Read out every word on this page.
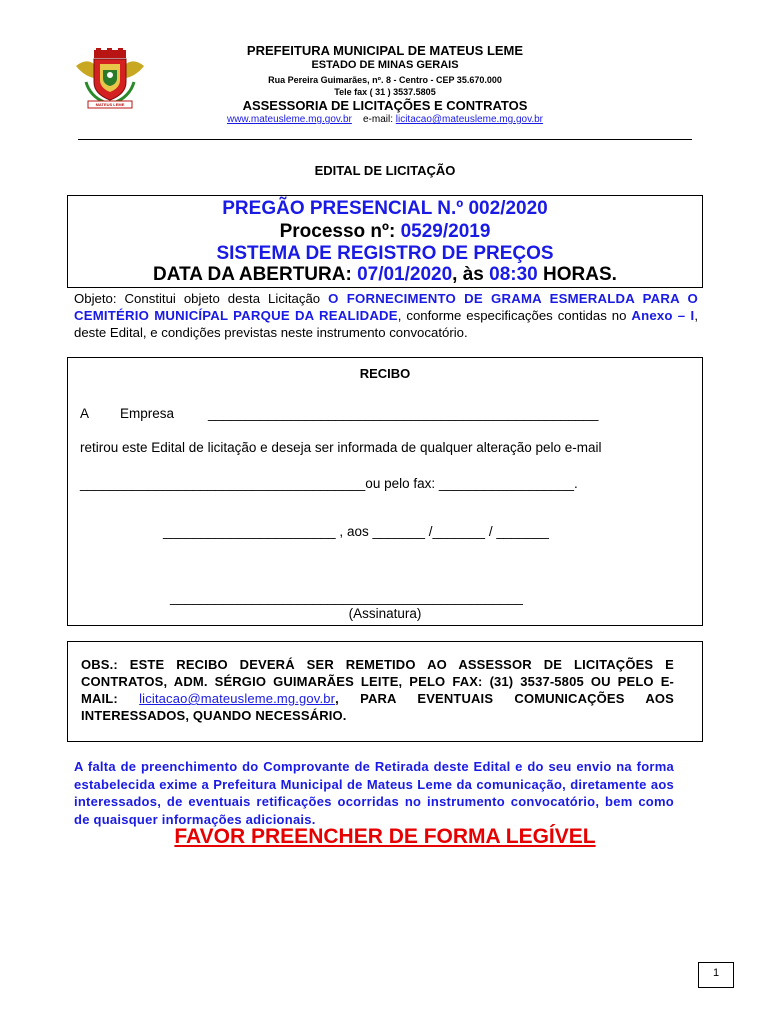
MATEUS LEME
PREFEITURA MUNICIPAL DE MATEUS LEME
ESTADO DE MINAS GERAIS
Rua Pereira Guimarães, nº. 8 - Centro - CEP 35.670.000
Tele fax ( 31 ) 3537.5805
ASSESSORIA DE LICITAÇÕES E CONTRATOS
www.mateusleme.mg.gov.br e-mail: licitacao@mateusleme.mg.gov.br
EDITAL DE LICITAÇÃO
PREGÃO PRESENCIAL N.º 002/2020
Processo nº: 0529/2019
SISTEMA DE REGISTRO DE PREÇOS
DATA DA ABERTURA: 07/01/2020, às 08:30 HORAS.
Objeto: Constitui objeto desta Licitação O FORNECIMENTO DE GRAMA ESMERALDA PARA O CEMITÉRIO MUNICÍPAL PARQUE DA REALIDADE, conforme especificações contidas no Anexo – I, deste Edital, e condições previstas neste instrumento convocatório.
RECIBO
A Empresa	____________________________________________________
retirou este Edital de licitação e deseja ser informada de qualquer alteração pelo e-mail
______________________________________ou pelo fax: __________________.
_______________________ , aos _______ /_______ / _______
_______________________________________________
(Assinatura)
OBS.: ESTE RECIBO DEVERÁ SER REMETIDO AO ASSESSOR DE LICITAÇÕES E CONTRATOS, ADM. SÉRGIO GUIMARÃES LEITE, PELO FAX: (31) 3537-5805 OU PELO E-MAIL: licitacao@mateusleme.mg.gov.br, PARA EVENTUAIS COMUNICAÇÕES AOS INTERESSADOS, QUANDO NECESSÁRIO.
A falta de preenchimento do Comprovante de Retirada deste Edital e do seu envio na forma estabelecida exime a Prefeitura Municipal de Mateus Leme da comunicação, diretamente aos interessados, de eventuais retificações ocorridas no instrumento convocatório, bem como de quaisquer informações adicionais.
FAVOR PREENCHER DE FORMA LEGÍVEL
1
